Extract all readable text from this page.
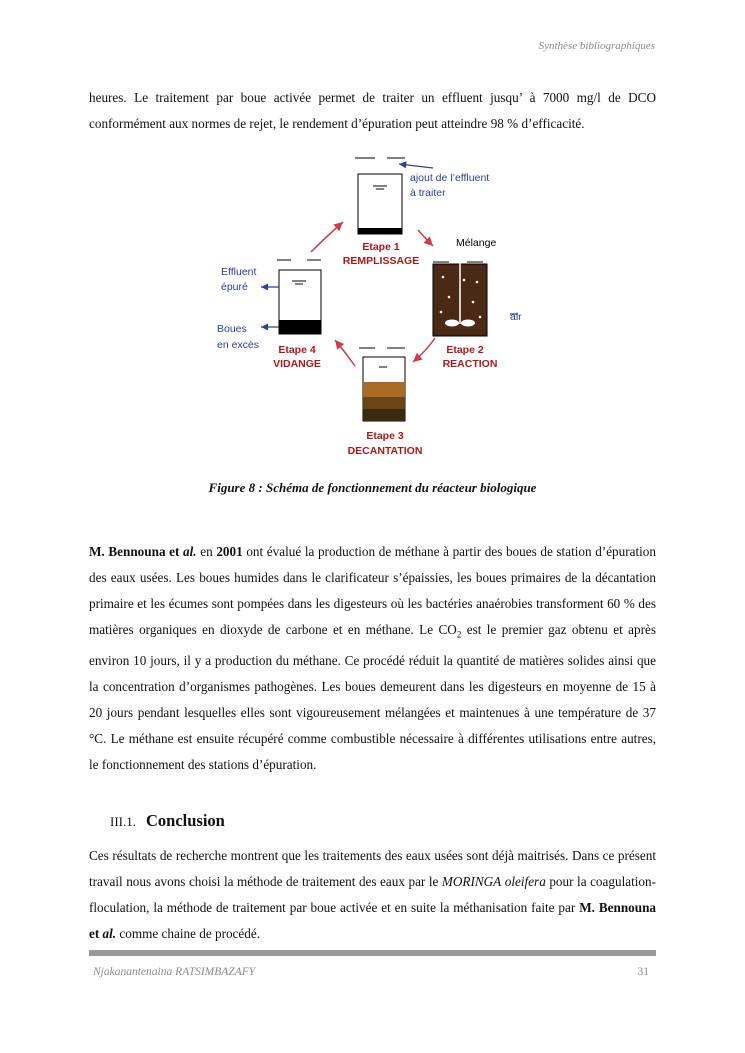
Synthèse bibliographiques
heures. Le traitement par boue activée permet de traiter un effluent jusqu’ à 7000 mg/l de DCO conformément aux normes de rejet, le rendement d’épuration peut atteindre 98 % d’efficacité.
ajout de l’effluent
à traiter
Etape 1
REMPLISSAGE
Mélange
air
Etape 2
REACTION
Etape 3
DECANTATION
Effluent
épuré
Boues
en excès Etape 4
VIDANGE
Figure 8 : Schéma de fonctionnement du réacteur biologique
M. Bennouna et al. en 2001 ont évalué la production de méthane à partir des boues de station d’épuration des eaux usées. Les boues humides dans le clarificateur s’épaissies, les boues primaires de la décantation primaire et les écumes sont pompées dans les digesteurs où les bactéries anaérobies transforment 60 % des matières organiques en dioxyde de carbone et en méthane. Le $CO_2$ est le premier gaz obtenu et après environ 10 jours, il y a production du méthane. Ce procédé réduit la quantité de matières solides ainsi que la concentration d’organismes pathogènes. Les boues demeurent dans les digesteurs en moyenne de 15 à 20 jours pendant lesquelles elles sont vigoureusement mélangées et maintenues à une température de 37 °C. Le méthane est ensuite récupéré comme combustible nécessaire à différentes utilisations entre autres, le fonctionnement des stations d’épuration.
III.1. Conclusion
Ces résultats de recherche montrent que les traitements des eaux usées sont déjà maitrisés. Dans ce présent travail nous avons choisi la méthode de traitement des eaux par le MORINGA oleifera pour la coagulation-floculation, la méthode de traitement par boue activée et en suite la méthanisation faite par M. Bennouna et al. comme chaine de procédé.
Njakanantenaina RATSIMBAZAFY	31
